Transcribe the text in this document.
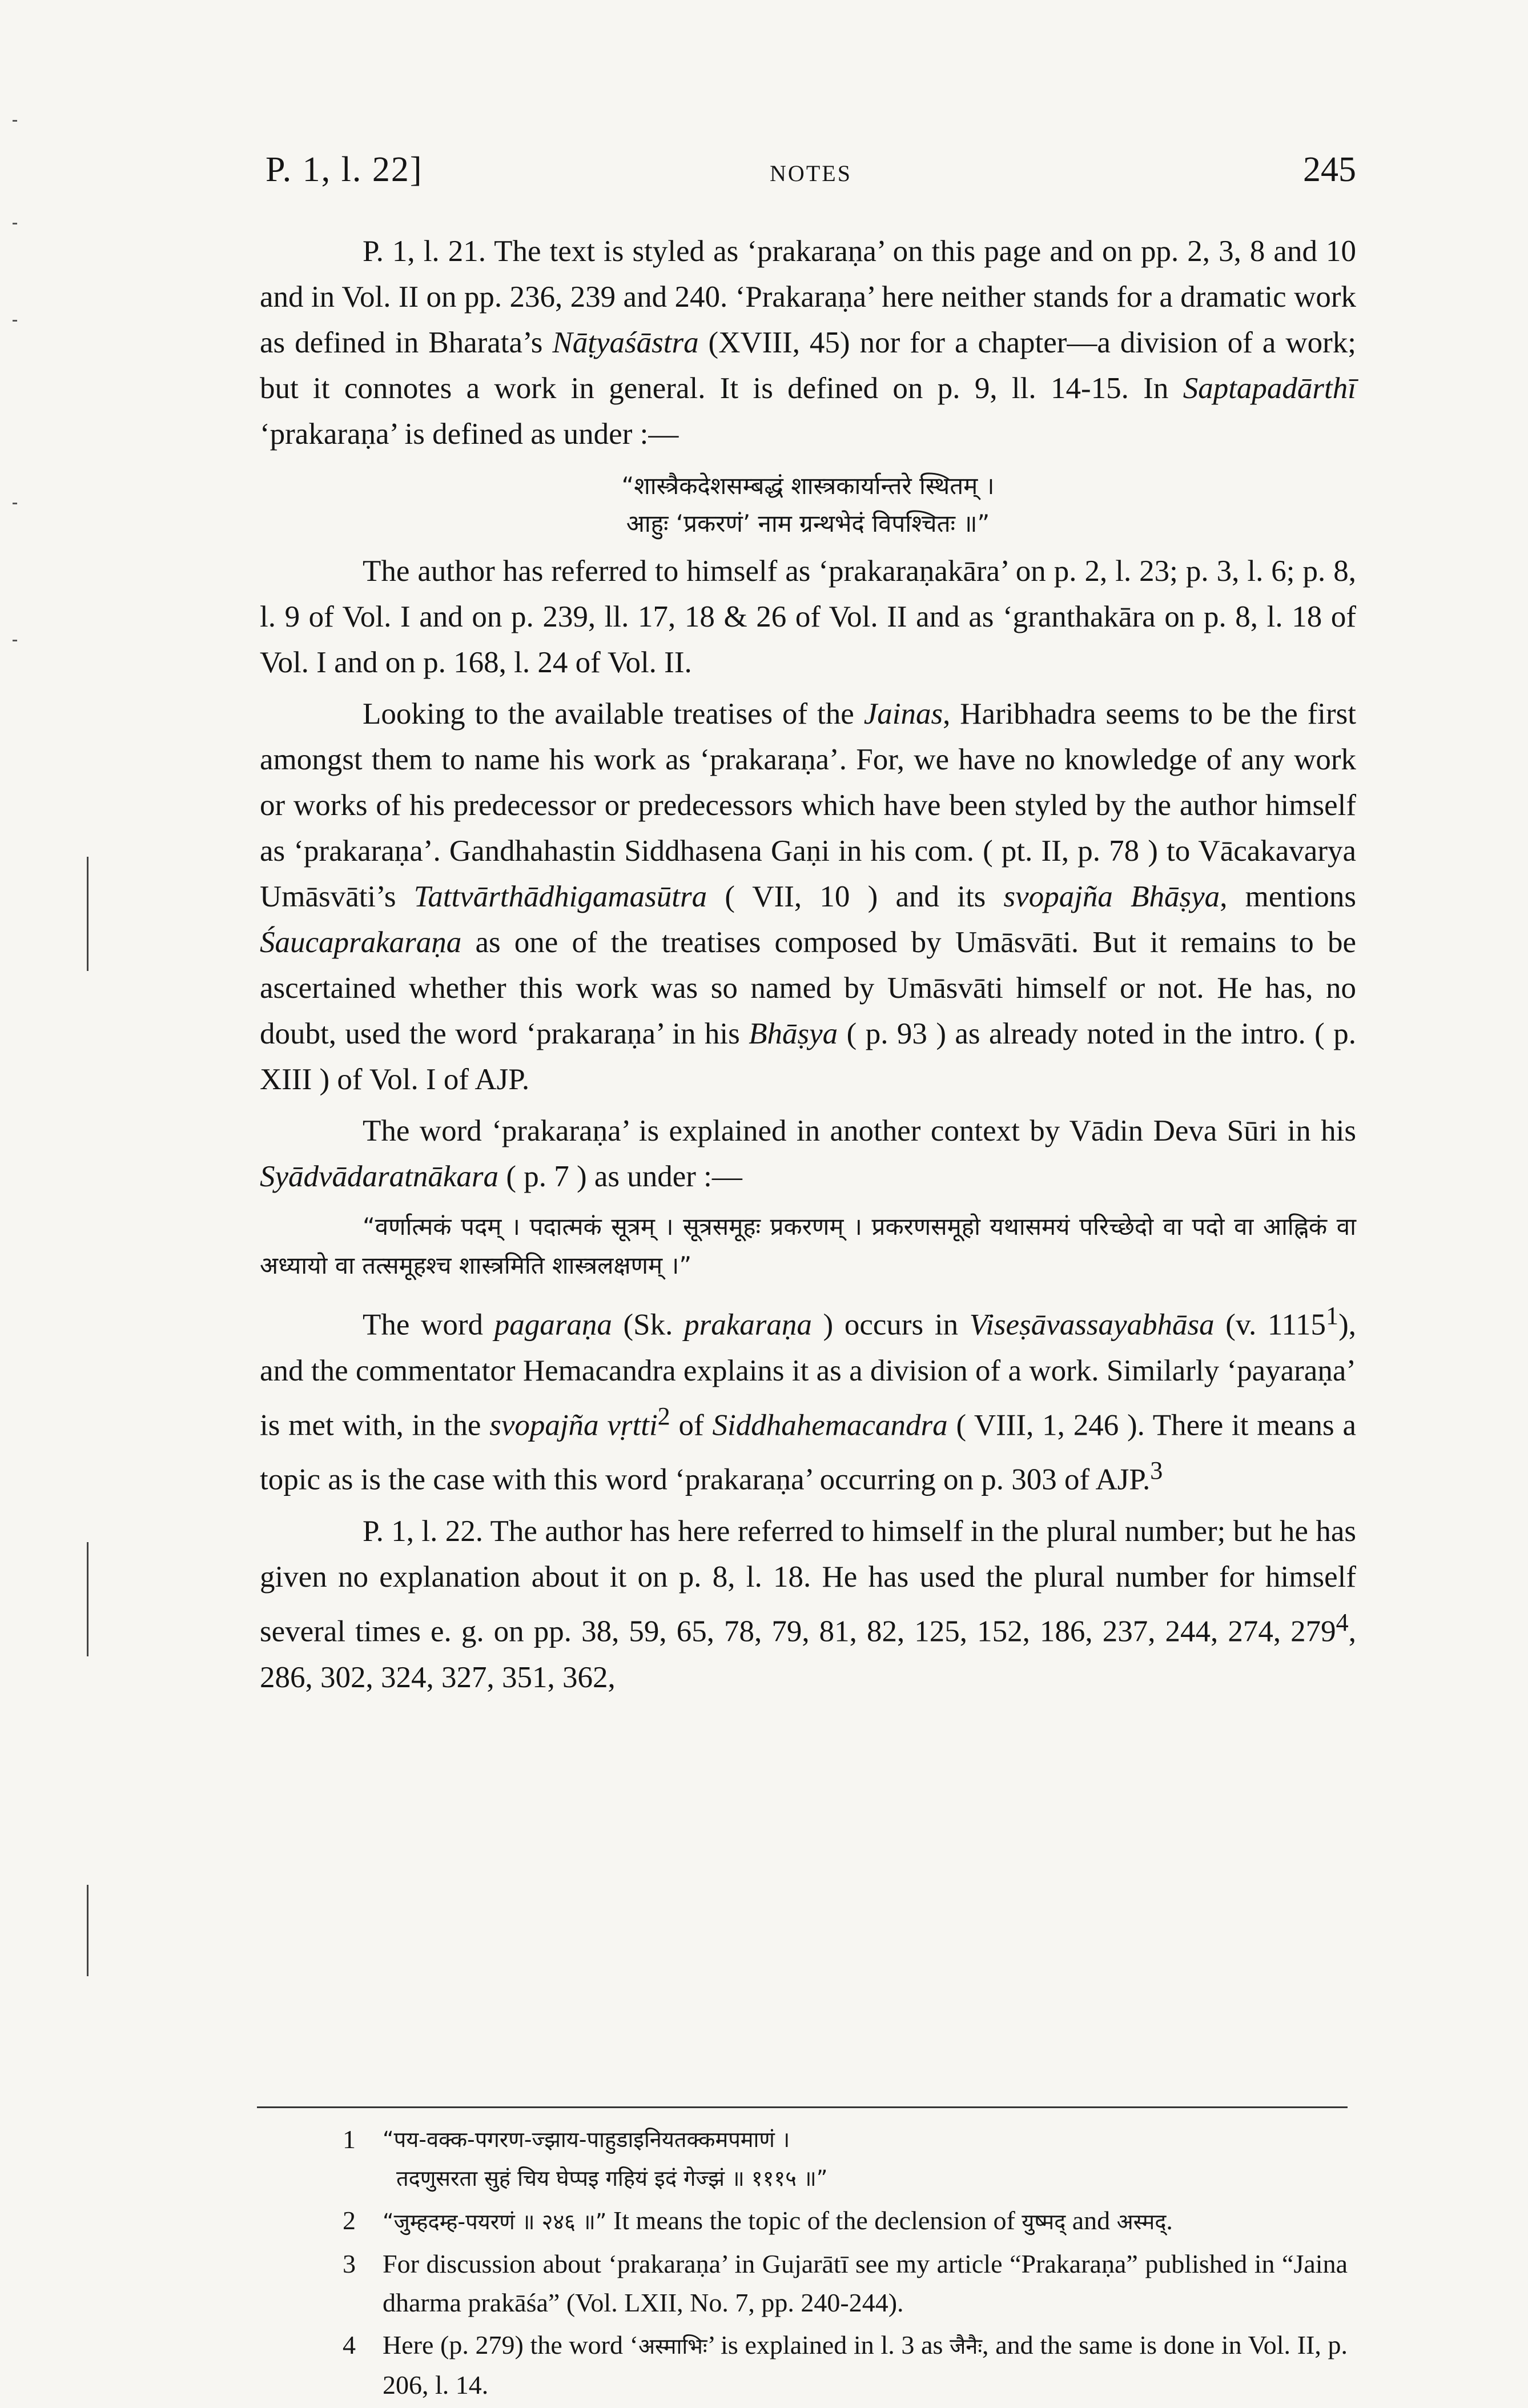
P. 1, l. 22]	NOTES	245

P. 1, l. 21. The text is styled as ‘prakaraṇa’ on this page and on pp. 2, 3, 8 and 10 and in Vol. II on pp. 236, 239 and 240. ‘Prakaraṇa’ here neither stands for a dramatic work as defined in Bharata’s Nāṭyaśāstra (XVIII, 45) nor for a chapter—a division of a work; but it connotes a work in general. It is defined on p. 9, ll. 14-15. In Saptapadārthī ‘prakaraṇa’ is defined as under :—

“शास्त्रैकदेशसम्बद्धं शास्त्रकार्यान्तरे स्थितम् ।
आहुः ‘प्रकरणं’ नाम ग्रन्थभेदं विपश्चितः ॥”

The author has referred to himself as ‘prakaraṇakāra’ on p. 2, l. 23; p. 3, l. 6; p. 8, l. 9 of Vol. I and on p. 239, ll. 17, 18 & 26 of Vol. II and as ‘granthakāra on p. 8, l. 18 of Vol. I and on p. 168, l. 24 of Vol. II.

Looking to the available treatises of the Jainas, Haribhadra seems to be the first amongst them to name his work as ‘prakaraṇa’. For, we have no knowledge of any work or works of his predecessor or predecessors which have been styled by the author himself as ‘prakaraṇa’. Gandhahastin Siddhasena Gaṇi in his com. ( pt. II, p. 78 ) to Vācakavarya Umāsvāti’s Tattvārthādhigamasūtra ( VII, 10 ) and its svopajña Bhāṣya, mentions Śaucaprakaraṇa as one of the treatises composed by Umāsvāti. But it remains to be ascertained whether this work was so named by Umāsvāti himself or not. He has, no doubt, used the word ‘prakaraṇa’ in his Bhāṣya ( p. 93 ) as already noted in the intro. ( p. XIII ) of Vol. I of AJP.

The word ‘prakaraṇa’ is explained in another context by Vādin Deva Sūri in his Syādvādaratnākara ( p. 7 ) as under :—

“वर्णात्मकं पदम् । पदात्मकं सूत्रम् । सूत्रसमूहः प्रकरणम् । प्रकरणसमूहो यथासमयं परिच्छेदो वा पदो वा आह्निकं वा अध्यायो वा तत्समूहश्च शास्त्रमिति शास्त्रलक्षणम् ।”

The word pagaraṇa (Sk. prakaraṇa ) occurs in Viseṣāvassayabhāsa (v. 1115$^1$), and the commentator Hemacandra explains it as a division of a work. Similarly ‘payaraṇa’ is met with, in the svopajña vṛtti$^2$ of Siddhahemacandra ( VIII, 1, 246 ). There it means a topic as is the case with this word ‘prakaraṇa’ occurring on p. 303 of AJP.$^3$

P. 1, l. 22. The author has here referred to himself in the plural number; but he has given no explanation about it on p. 8, l. 18. He has used the plural number for himself several times e. g. on pp. 38, 59, 65, 78, 79, 81, 82, 125, 152, 186, 237, 244, 274, $279^4$, 286, 302, 324, 327, 351, 362,

1	“पय-वक्क-पगरण-ज्झाय-पाहुडाइनियतक्कमपमाणं ।
तदणुसरता सुहं चिय घेप्पइ गहियं इदं गेज्झं ॥ १११५ ॥”
2	“जुम्हदम्ह-पयरणं ॥ २४६ ॥” It means the topic of the declension of युष्मद् and अस्मद्.
3	For discussion about ‘prakaraṇa’ in Gujarātī see my article “Prakaraṇa” published in “Jaina dharma prakāśa” (Vol. LXII, No. 7, pp. 240-244).
4	Here (p. 279) the word ‘अस्माभिः’ is explained in l. 3 as जैनैः, and the same is done in Vol. II, p. 206, l. 14.
